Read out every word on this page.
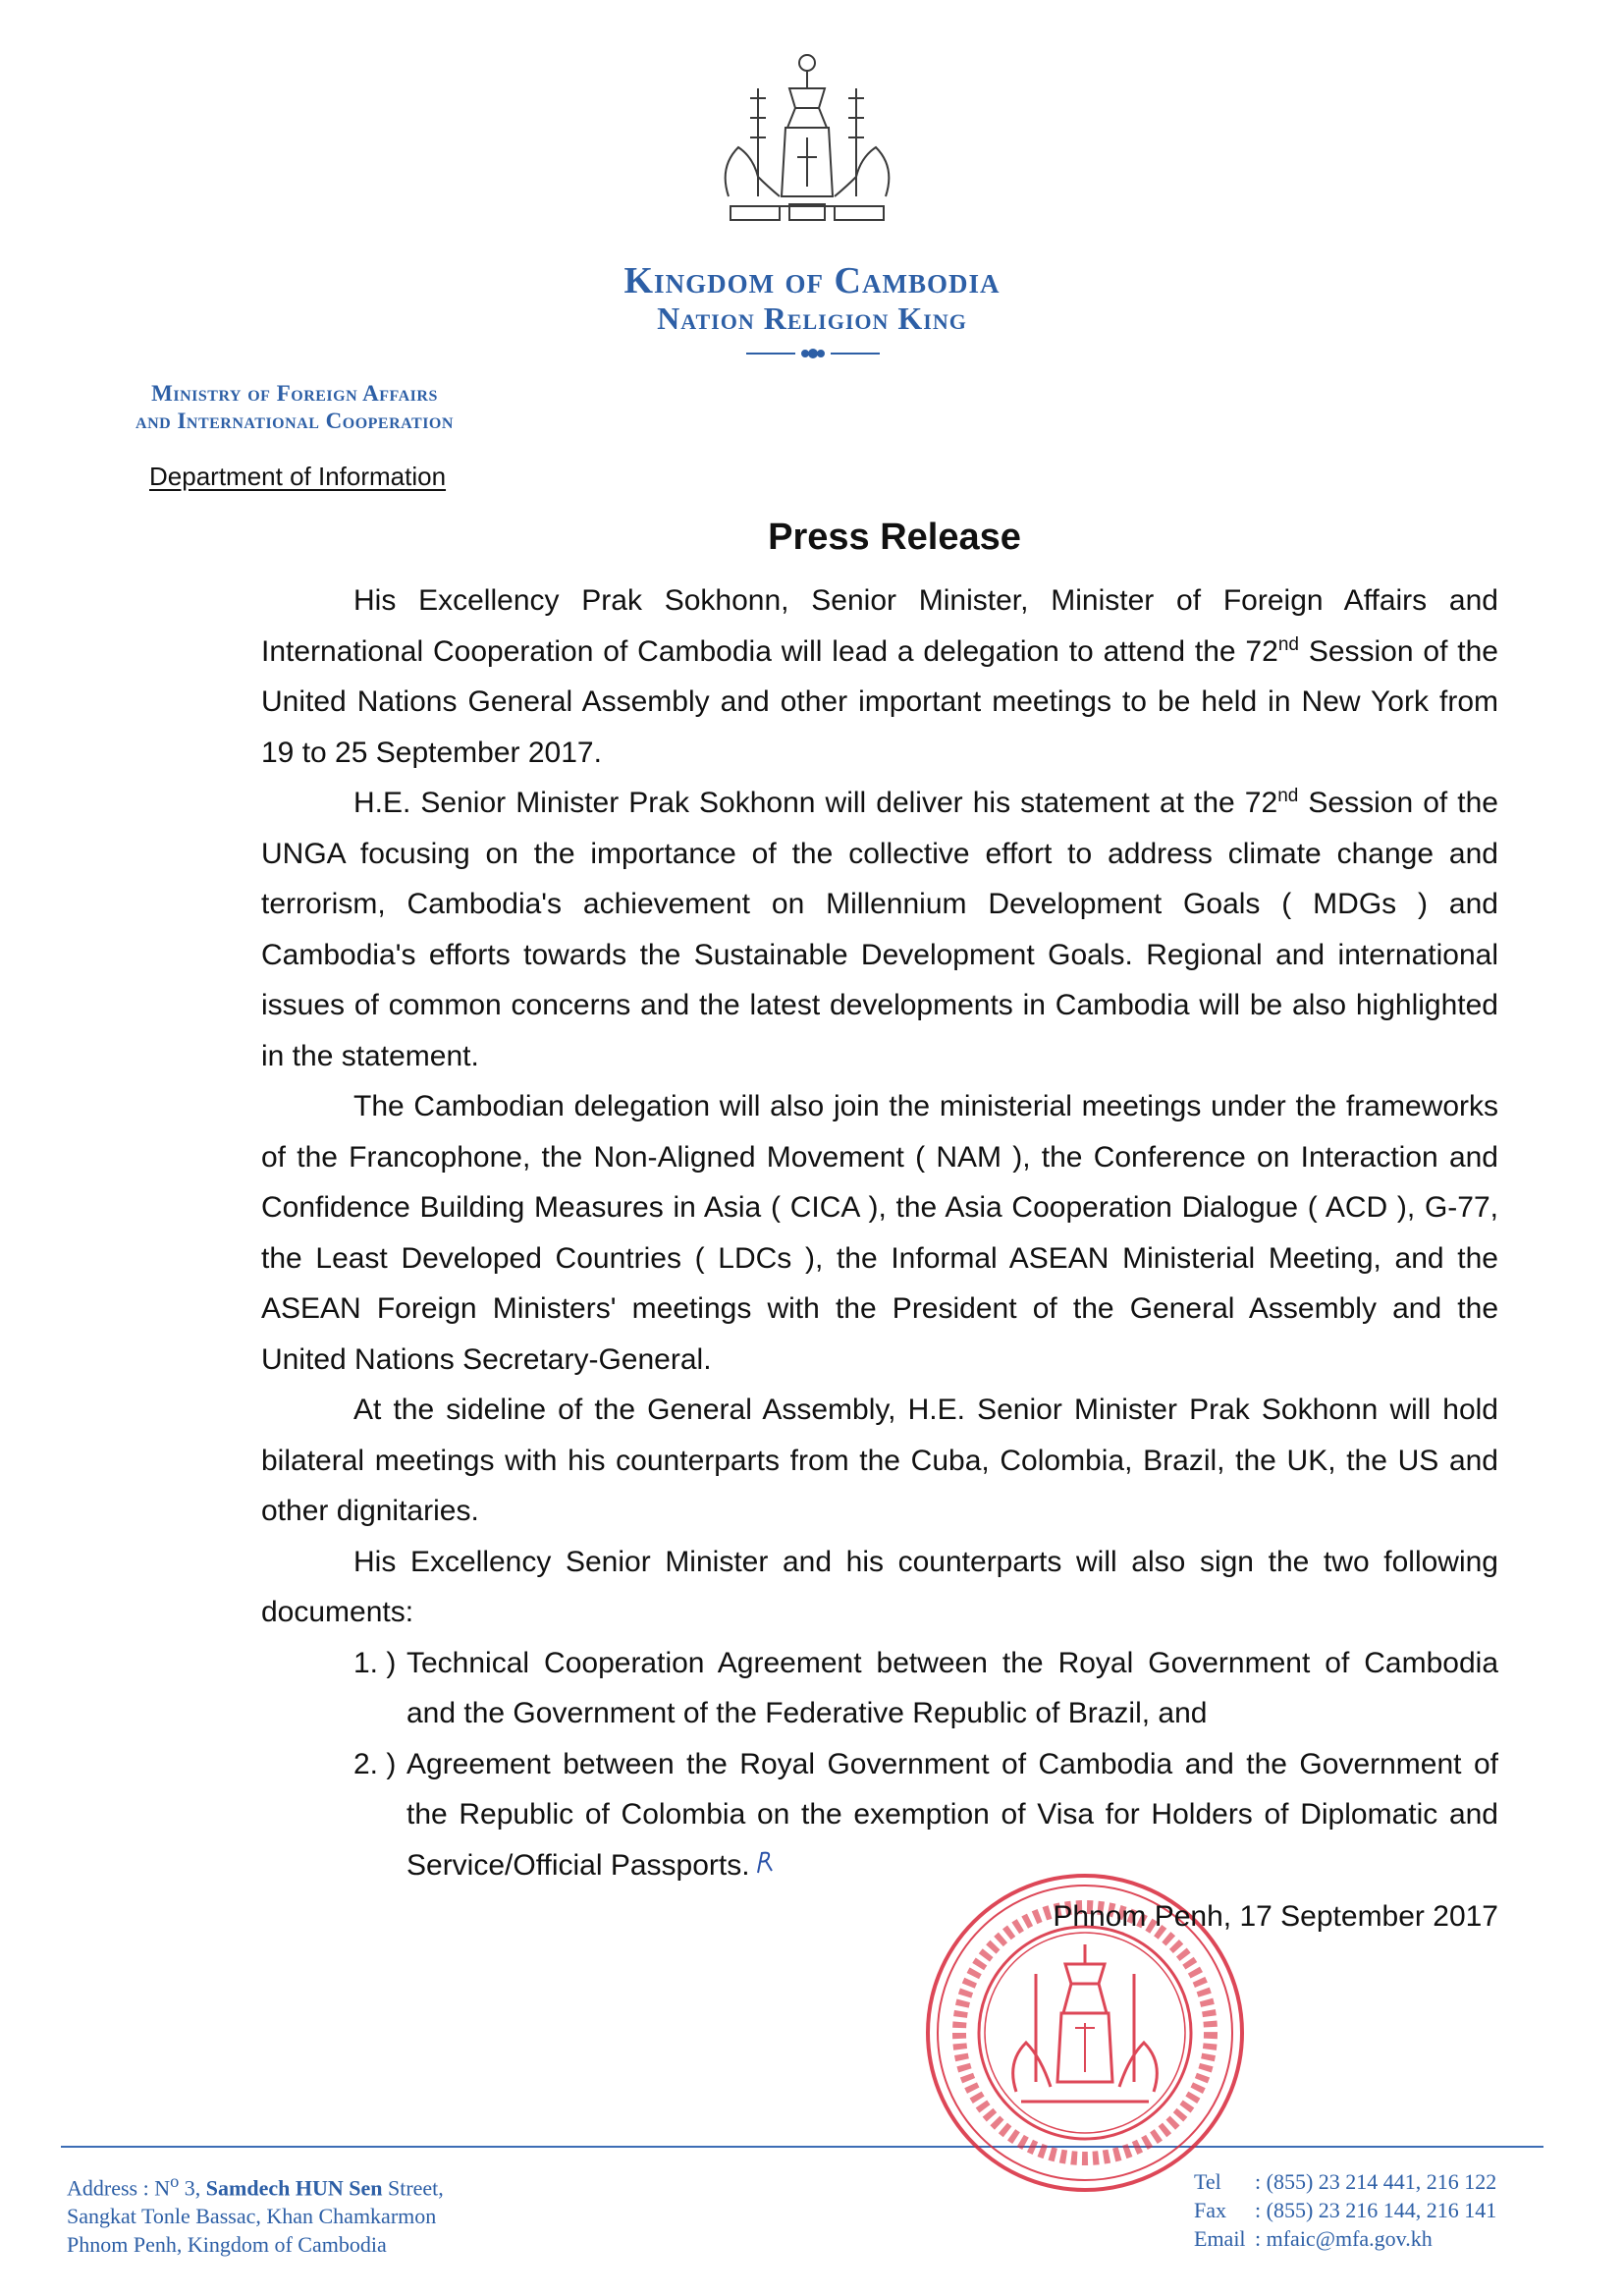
Kingdom of Cambodia
Nation Religion King
Ministry of Foreign Affairs
and International Cooperation
Department of Information
Press Release

His Excellency Prak Sokhonn, Senior Minister, Minister of Foreign Affairs and International Cooperation of Cambodia will lead a delegation to attend the 72nd Session of the United Nations General Assembly and other important meetings to be held in New York from 19 to 25 September 2017.

H.E. Senior Minister Prak Sokhonn will deliver his statement at the 72nd Session of the UNGA focusing on the importance of the collective effort to address climate change and terrorism, Cambodia's achievement on Millennium Development Goals ( MDGs ) and Cambodia's efforts towards the Sustainable Development Goals. Regional and international issues of common concerns and the latest developments in Cambodia will be also highlighted in the statement.

The Cambodian delegation will also join the ministerial meetings under the frameworks of the Francophone, the Non-Aligned Movement ( NAM ), the Conference on Interaction and Confidence Building Measures in Asia ( CICA ), the Asia Cooperation Dialogue ( ACD ), G-77, the Least Developed Countries ( LDCs ), the Informal ASEAN Ministerial Meeting, and the ASEAN Foreign Ministers' meetings with the President of the General Assembly and the United Nations Secretary-General.

At the sideline of the General Assembly, H.E. Senior Minister Prak Sokhonn will hold bilateral meetings with his counterparts from the Cuba, Colombia, Brazil, the UK, the US and other dignitaries.

His Excellency Senior Minister and his counterparts will also sign the two following documents:

1. ) Technical Cooperation Agreement between the Royal Government of Cambodia and the Government of the Federative Republic of Brazil, and
2. ) Agreement between the Royal Government of Cambodia and the Government of the Republic of Colombia on the exemption of Visa for Holders of Diplomatic and Service/Official Passports.
Phnom Penh, 17 September 2017
Address : $N^o$ 3, Samdech HUN Sen Street,
Sangkat Tonle Bassac, Khan Chamkarmon
Phnom Penh, Kingdom of Cambodia
Tel : (855) 23 214 441, 216 122
Fax : (855) 23 216 144, 216 141
Email : mfaic@mfa.gov.kh
